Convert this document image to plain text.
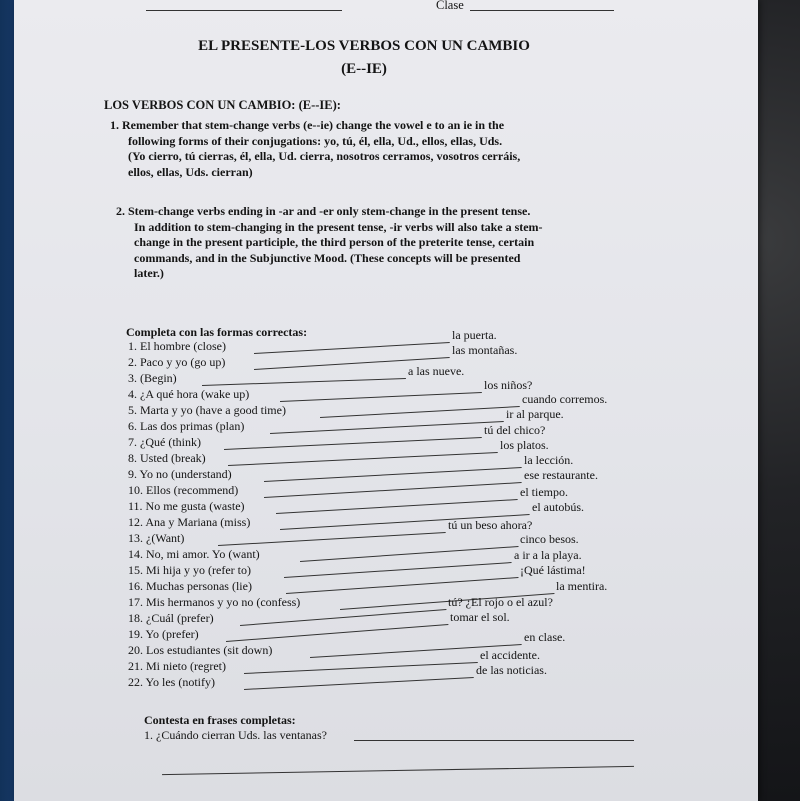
Clase
EL PRESENTE-LOS VERBOS CON UN CAMBIO
(E--IE)
LOS VERBOS CON UN CAMBIO: (E--IE):
1. Remember that stem-change verbs (e--ie) change the vowel e to an ie in the
following forms of their conjugations: yo, tú, él, ella, Ud., ellos, ellas, Uds.
(Yo cierro, tú cierras, él, ella, Ud. cierra, nosotros cerramos, vosotros cerráis,
ellos, ellas, Uds. cierran)
2. Stem-change verbs ending in -ar and -er only stem-change in the present tense.
In addition to stem-changing in the present tense, -ir verbs will also take a stem-
change in the present participle, the third person of the preterite tense, certain
commands, and in the Subjunctive Mood. (These concepts will be presented
later.)
Completa con las formas correctas:
1. El hombre (close)
la puerta.
2. Paco y yo (go up)
las montañas.
3. (Begin)	a las nueve.
4. ¿A qué hora (wake up)
los niños?
5. Marta y yo (have a good time)
cuando corremos.
6. Las dos primas (plan)
ir al parque.
7. ¿Qué (think)
tú del chico?
8. Usted (break)
los platos.
9. Yo no (understand)
la lección.
10. Ellos (recommend)
ese restaurante.
11. No me gusta (waste)
el tiempo.
12. Ana y Mariana (miss)
el autobús.
13. ¿(Want)
tú un beso ahora?
14. No, mi amor. Yo (want)
cinco besos.
15. Mi hija y yo (refer to)
a ir a la playa.
16. Muchas personas (lie)
¡Qué lástima!
17. Mis hermanos y yo no (confess)
la mentira.
18. ¿Cuál (prefer)
tú? ¿El rojo o el azul?
19. Yo (prefer)
tomar el sol.
20. Los estudiantes (sit down)
en clase.
21. Mi nieto (regret)
el accidente.
22. Yo les (notify)
de las noticias.
Contesta en frases completas:
1. ¿Cuándo cierran Uds. las ventanas?
